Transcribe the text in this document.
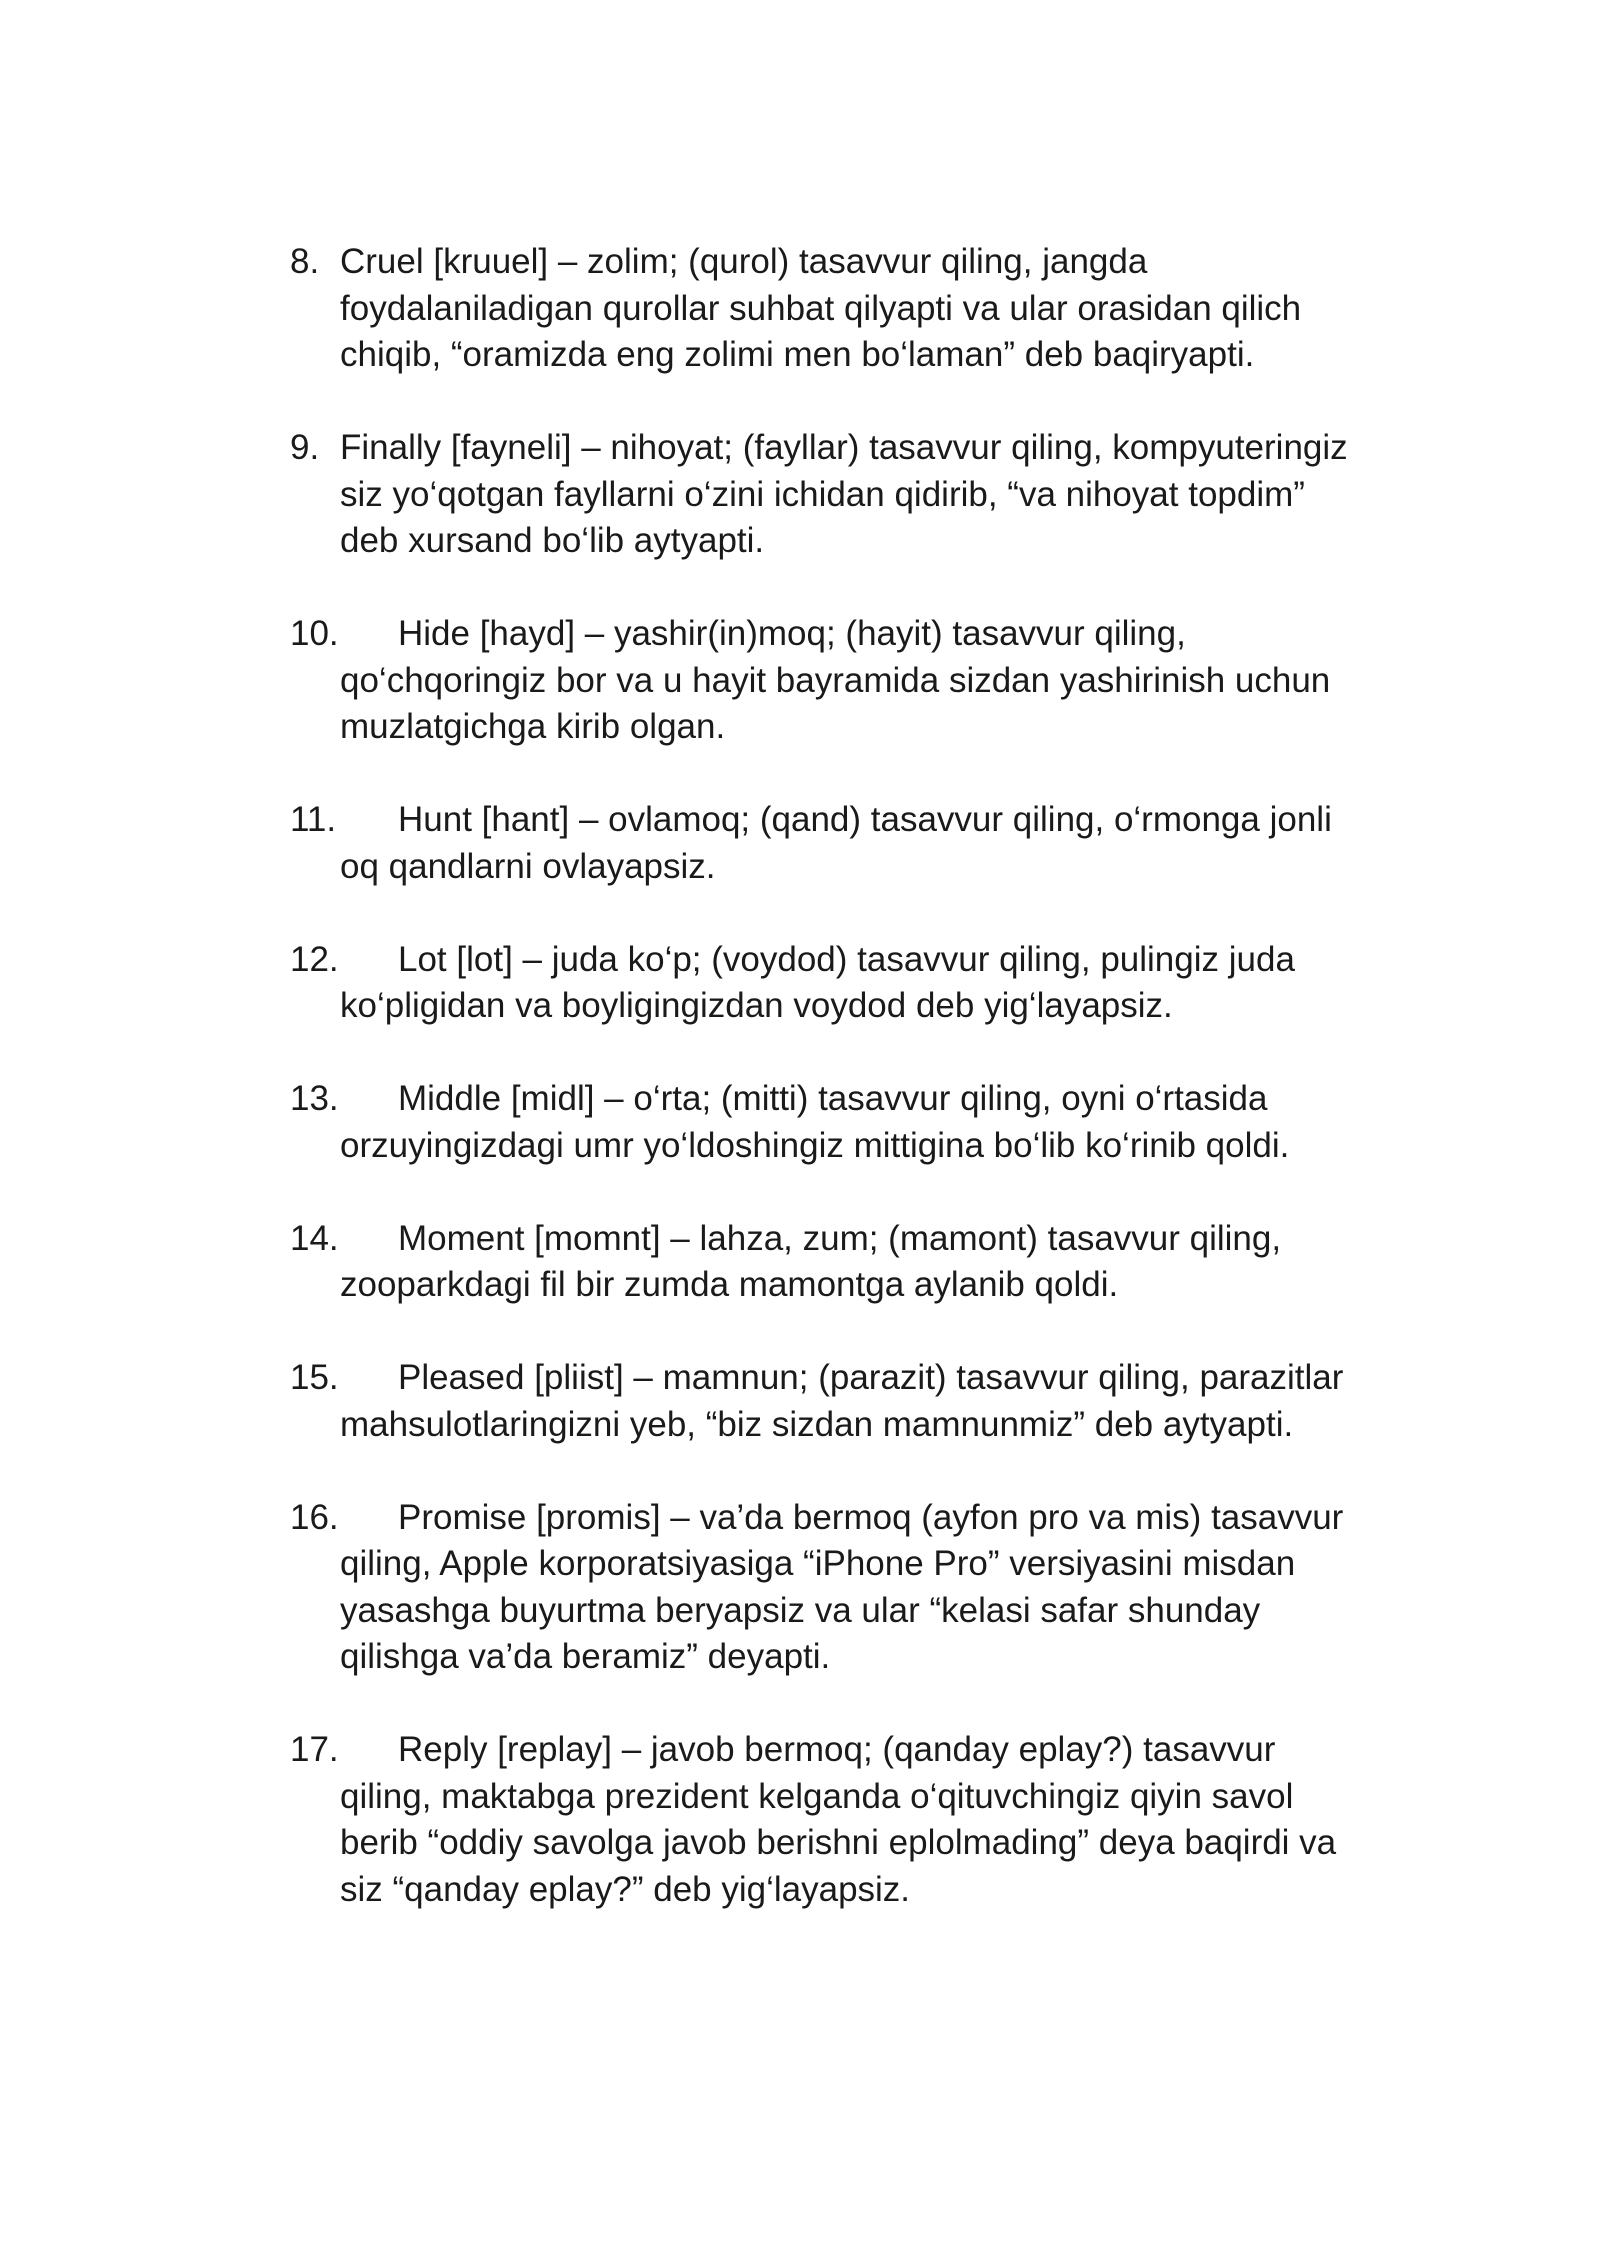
8. Cruel [kruuel] – zolim; (qurol) tasavvur qiling, jangda foydalaniladigan qurollar suhbat qilyapti va ular orasidan qilich chiqib, “oramizda eng zolimi men bo‘laman” deb baqiryapti.
9. Finally [fayneli] – nihoyat; (fayllar) tasavvur qiling, kompyuteringiz siz yo‘qotgan fayllarni o‘zini ichidan qidirib, “va nihoyat topdim” deb xursand bo‘lib aytyapti.
10. Hide [hayd] – yashir(in)moq; (hayit) tasavvur qiling, qo‘chqoringiz bor va u hayit bayramida sizdan yashirinish uchun muzlatgichga kirib olgan.
11. Hunt [hant] – ovlamoq; (qand) tasavvur qiling, o‘rmonga jonli oq qandlarni ovlayapsiz.
12. Lot [lot] – juda ko‘p; (voydod) tasavvur qiling, pulingiz juda ko‘pligidan va boyligingizdan voydod deb yig‘layapsiz.
13. Middle [midl] – o‘rta; (mitti) tasavvur qiling, oyni o‘rtasida orzuyingizdagi umr yo‘ldoshingiz mittigina bo‘lib ko‘rinib qoldi.
14. Moment [momnt] – lahza, zum; (mamont) tasavvur qiling, zooparkdagi fil bir zumda mamontga aylanib qoldi.
15. Pleased [pliist] – mamnun; (parazit) tasavvur qiling, parazitlar mahsulotlaringizni yeb, “biz sizdan mamnunmiz” deb aytyapti.
16. Promise [promis] – va’da bermoq (ayfon pro va mis) tasavvur qiling, Apple korporatsiyasiga “iPhone Pro” versiyasini misdan yasashga buyurtma beryapsiz va ular “kelasi safar shunday qilishga va’da beramiz” deyapti.
17. Reply [replay] – javob bermoq; (qanday eplay?) tasavvur qiling, maktabga prezident kelganda o‘qituvchingiz qiyin savol berib “oddiy savolga javob berishni eplolmading” deya baqirdi va siz “qanday eplay?” deb yig‘layapsiz.
